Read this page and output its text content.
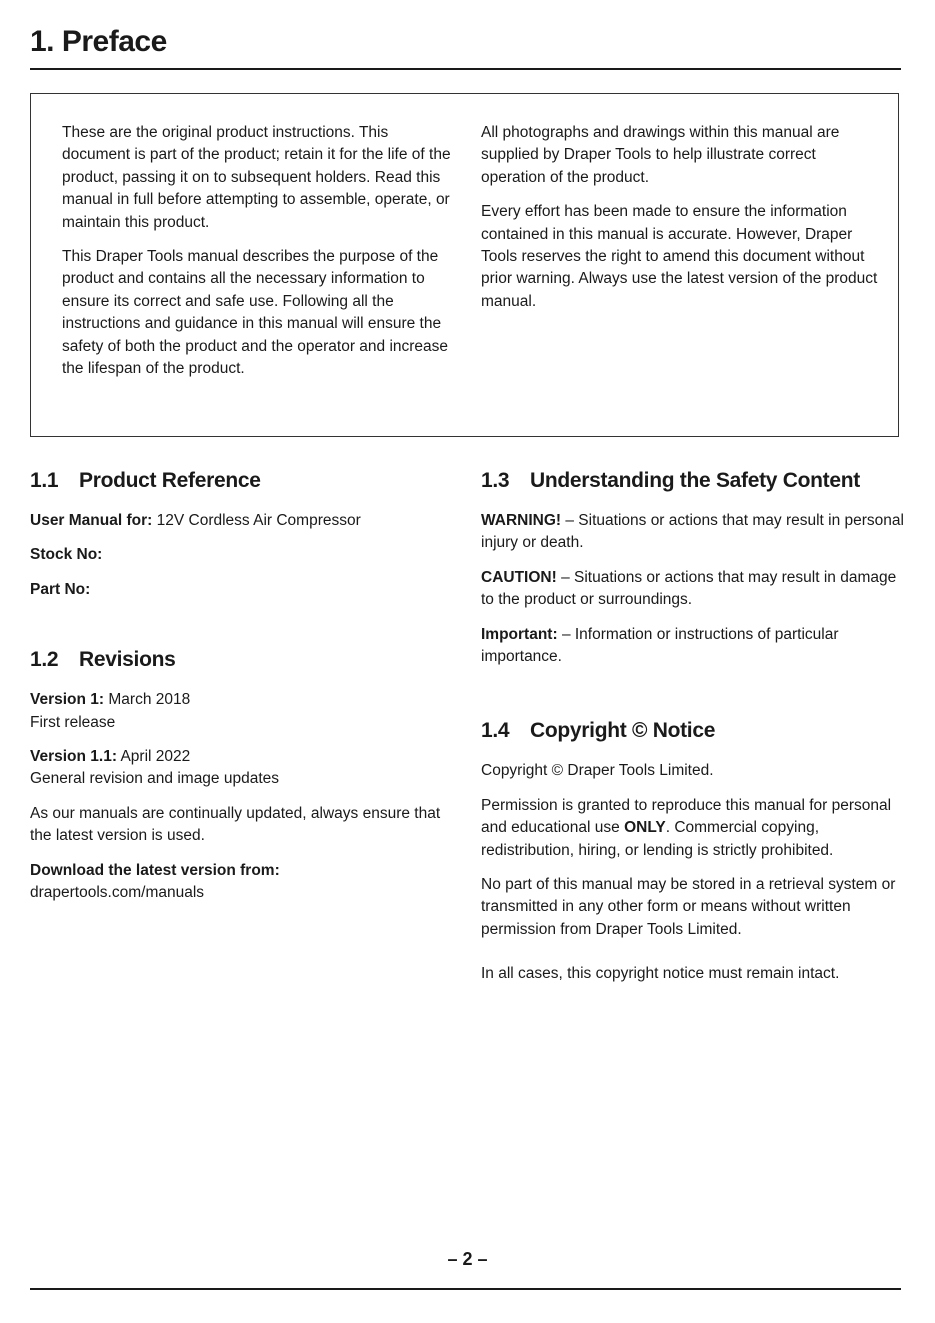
1. Preface

These are the original product instructions. This document is part of the product; retain it for the life of the product, passing it on to subsequent holders. Read this manual in full before attempting to assemble, operate, or maintain this product.

This Draper Tools manual describes the purpose of the product and contains all the necessary information to ensure its correct and safe use. Following all the instructions and guidance in this manual will ensure the safety of both the product and the operator and increase the lifespan of the product.

All photographs and drawings within this manual are supplied by Draper Tools to help illustrate correct operation of the product.

Every effort has been made to ensure the information contained in this manual is accurate. However, Draper Tools reserves the right to amend this document without prior warning. Always use the latest version of the product manual.

1.1 Product Reference

User Manual for: 12V Cordless Air Compressor

Stock No:

Part No:

1.2 Revisions

Version 1: March 2018
First release

Version 1.1: April 2022
General revision and image updates

As our manuals are continually updated, always ensure that the latest version is used.

Download the latest version from:
drapertools.com/manuals

1.3 Understanding the Safety Content

WARNING! – Situations or actions that may result in personal injury or death.

CAUTION! – Situations or actions that may result in damage to the product or surroundings.

Important: – Information or instructions of particular importance.

1.4 Copyright © Notice

Copyright © Draper Tools Limited.

Permission is granted to reproduce this manual for personal and educational use ONLY. Commercial copying, redistribution, hiring, or lending is strictly prohibited.

No part of this manual may be stored in a retrieval system or transmitted in any other form or means without written permission from Draper Tools Limited.

In all cases, this copyright notice must remain intact.

– 2 –
